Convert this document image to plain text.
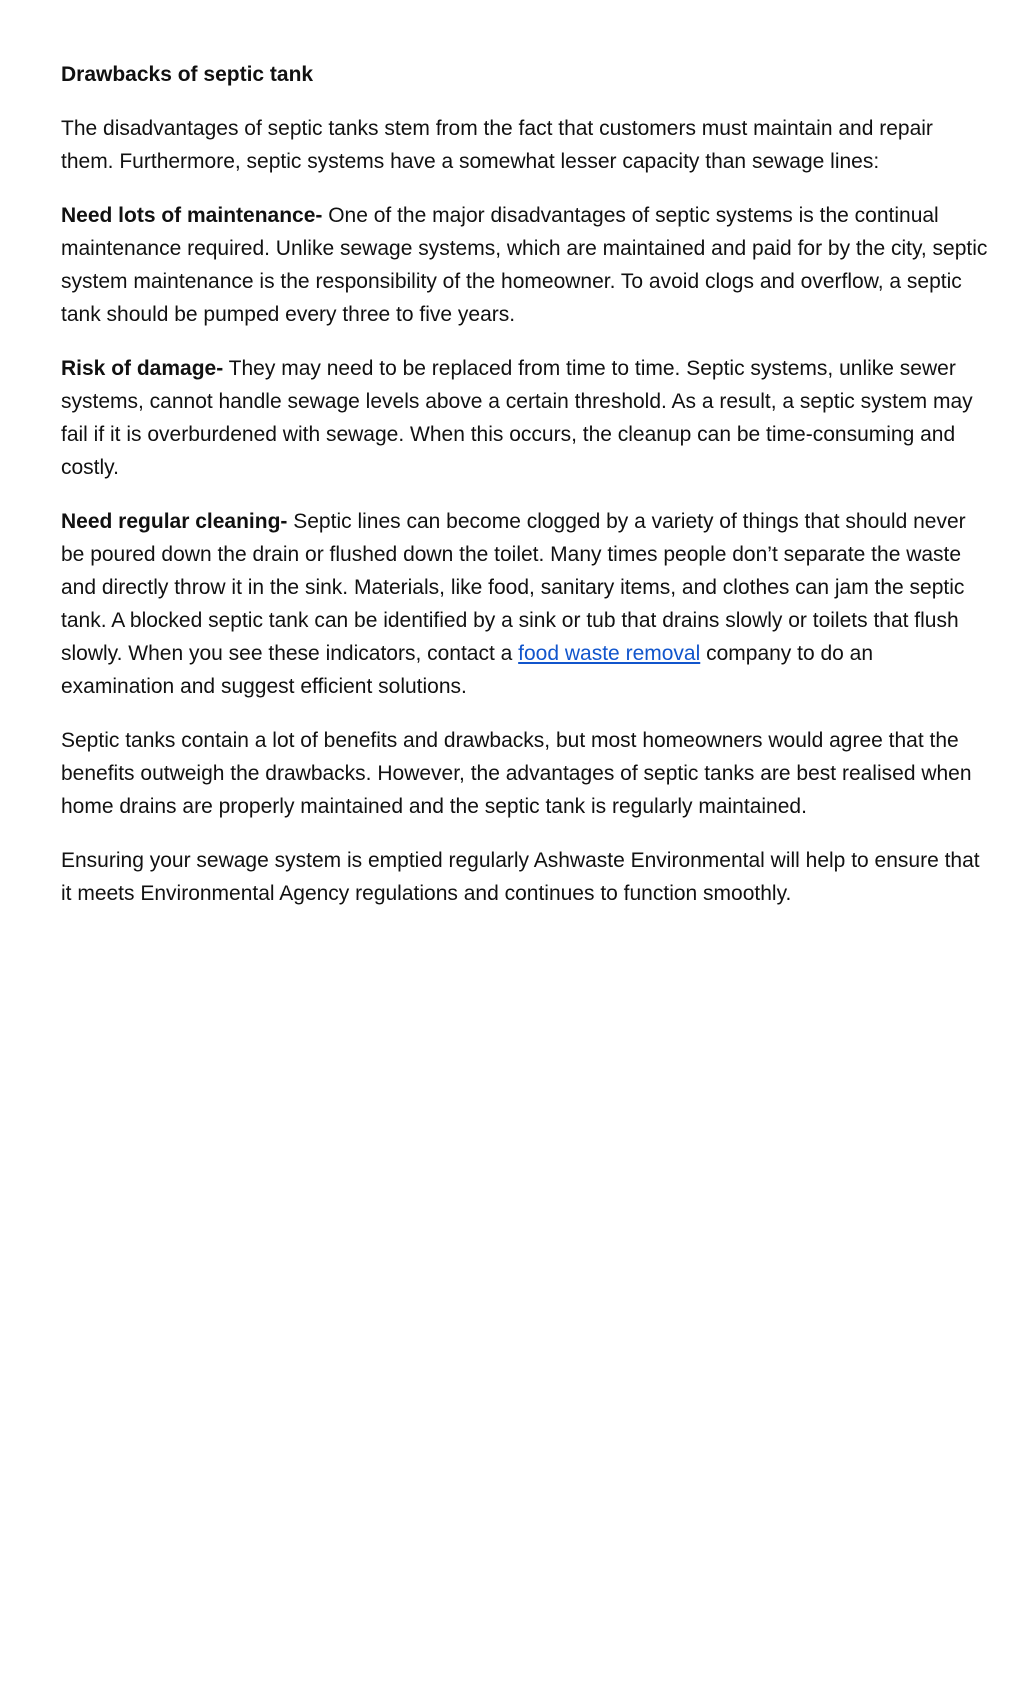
Drawbacks of septic tank

The disadvantages of septic tanks stem from the fact that customers must maintain and repair them. Furthermore, septic systems have a somewhat lesser capacity than sewage lines:

Need lots of maintenance- One of the major disadvantages of septic systems is the continual maintenance required. Unlike sewage systems, which are maintained and paid for by the city, septic system maintenance is the responsibility of the homeowner. To avoid clogs and overflow, a septic tank should be pumped every three to five years.

Risk of damage- They may need to be replaced from time to time. Septic systems, unlike sewer systems, cannot handle sewage levels above a certain threshold. As a result, a septic system may fail if it is overburdened with sewage. When this occurs, the cleanup can be time-consuming and costly.

Need regular cleaning- Septic lines can become clogged by a variety of things that should never be poured down the drain or flushed down the toilet. Many times people don’t separate the waste and directly throw it in the sink. Materials, like food, sanitary items, and clothes can jam the septic tank. A blocked septic tank can be identified by a sink or tub that drains slowly or toilets that flush slowly. When you see these indicators, contact a food waste removal company to do an examination and suggest efficient solutions.

Septic tanks contain a lot of benefits and drawbacks, but most homeowners would agree that the benefits outweigh the drawbacks. However, the advantages of septic tanks are best realised when home drains are properly maintained and the septic tank is regularly maintained.

Ensuring your sewage system is emptied regularly Ashwaste Environmental will help to ensure that it meets Environmental Agency regulations and continues to function smoothly.
